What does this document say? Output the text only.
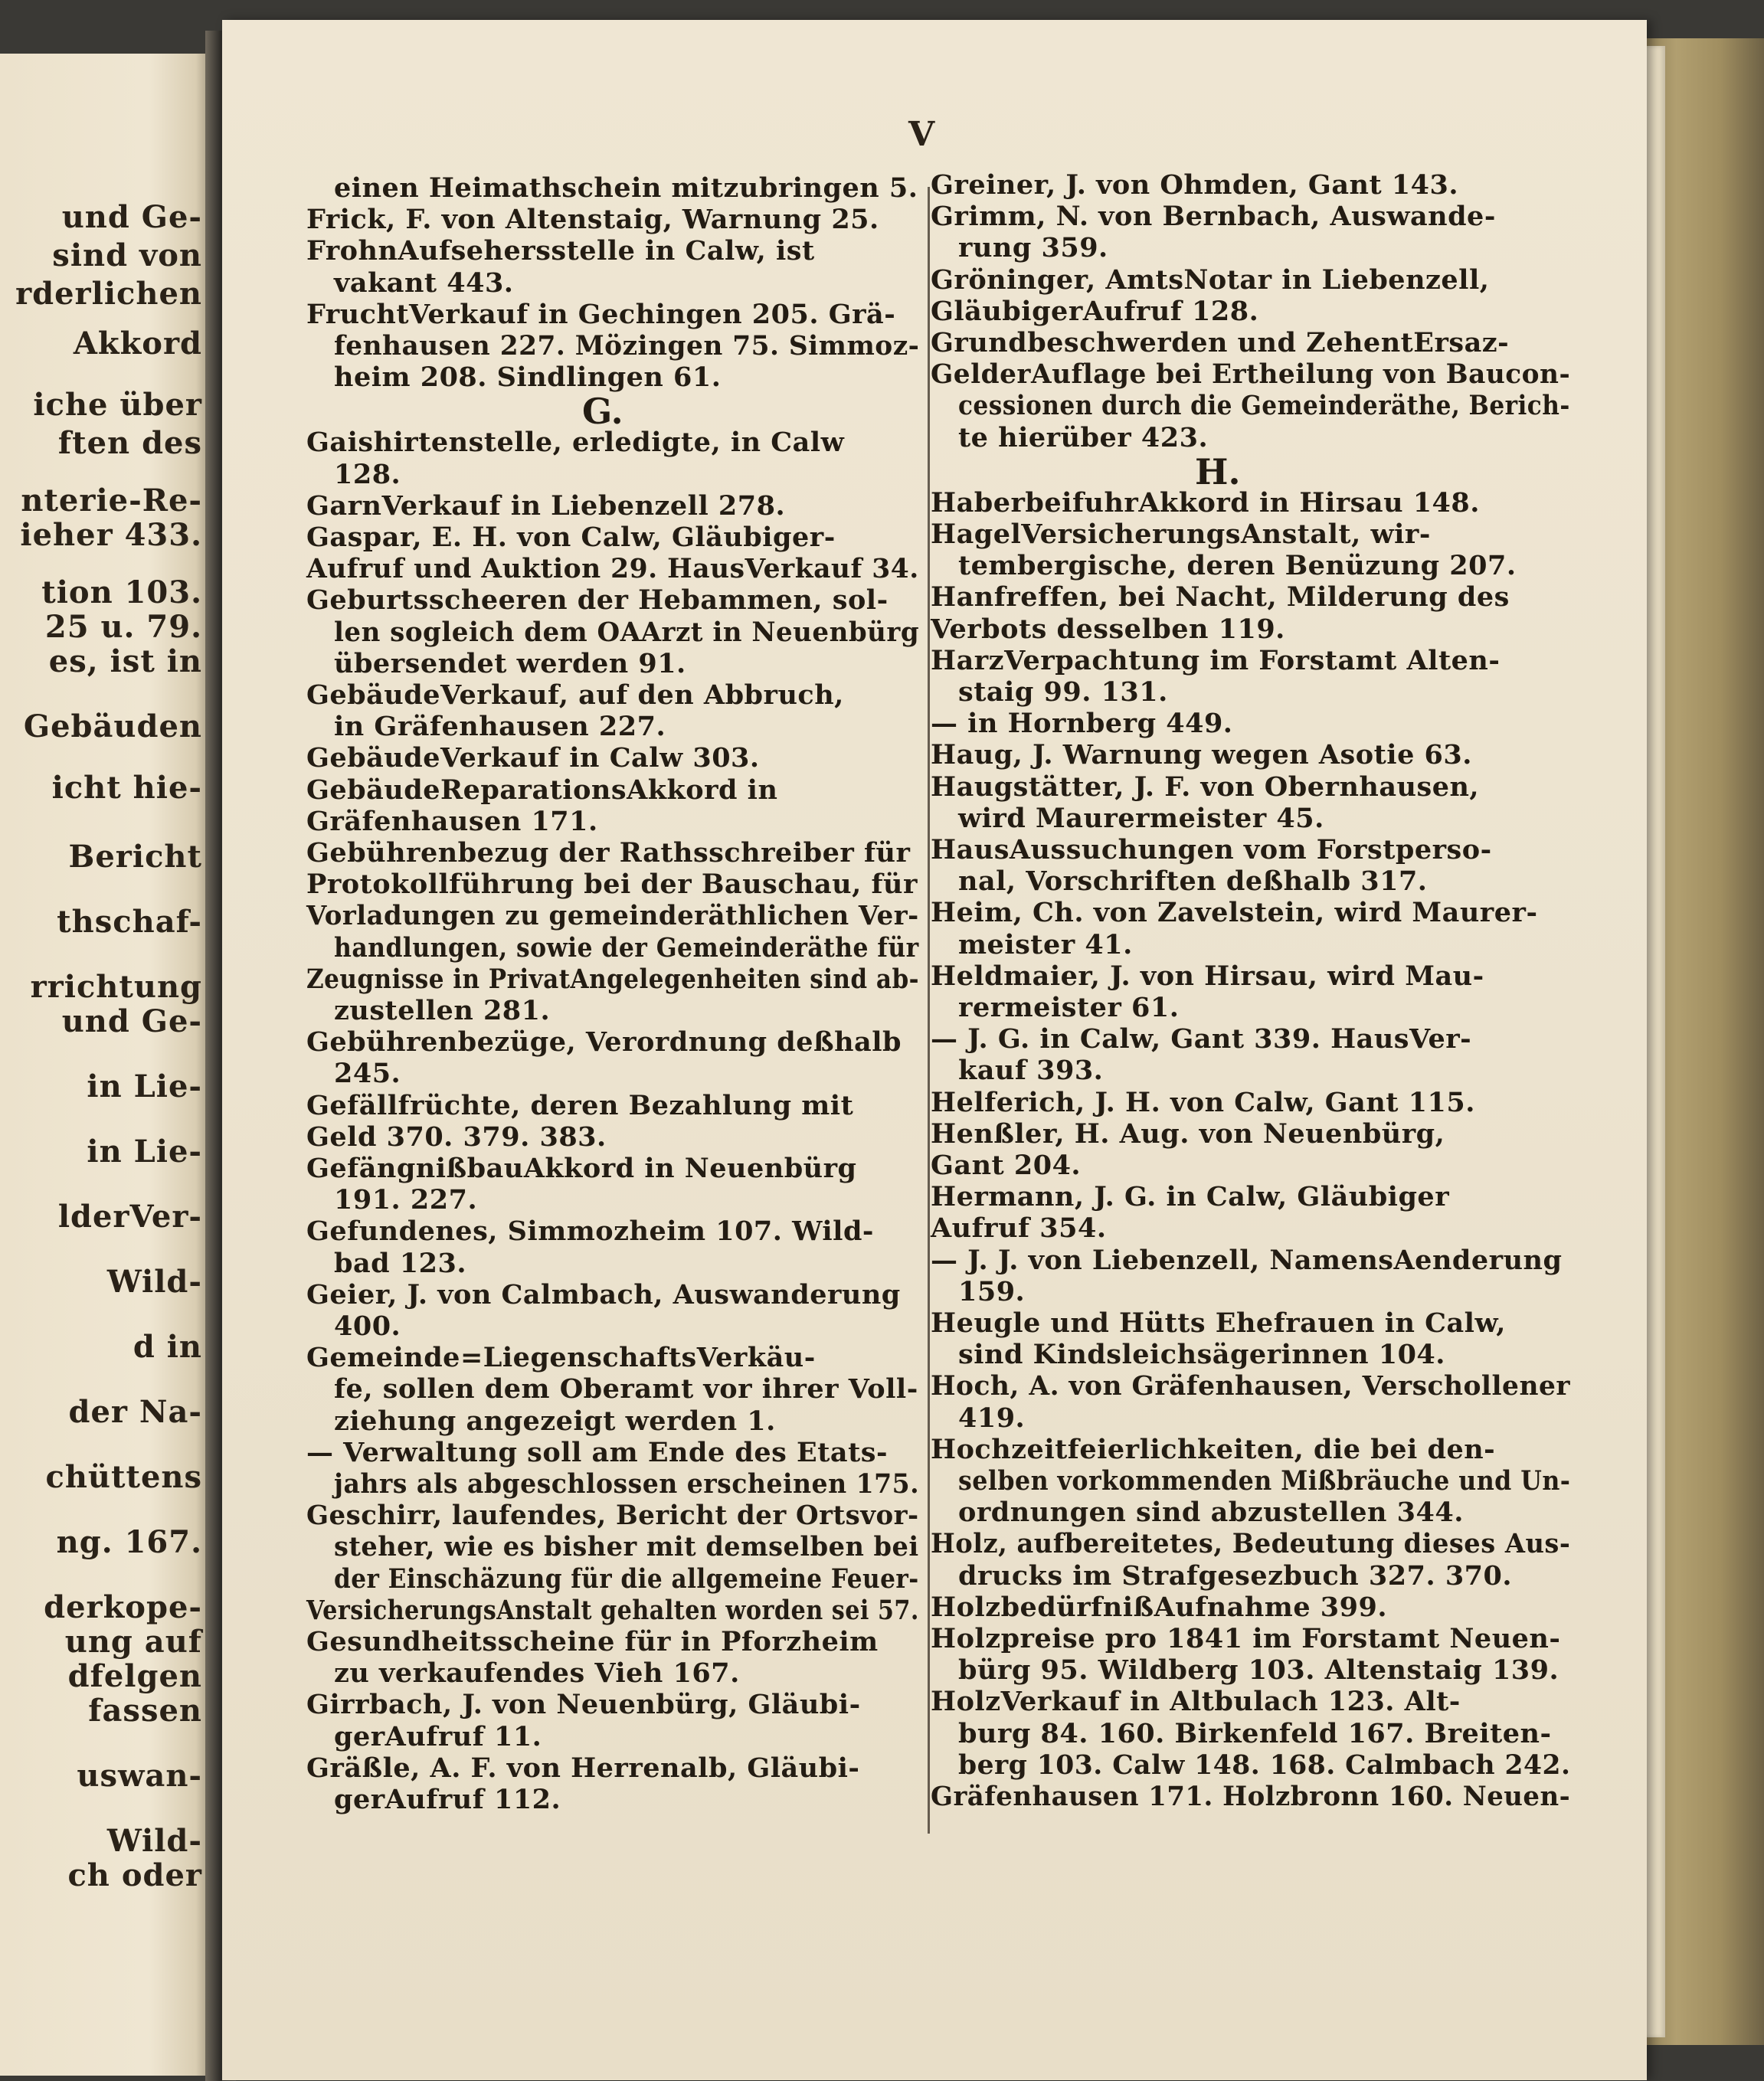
und Ge-
sind von
rderlichen
Akkord
iche über
ften des
nterie-Re-
ieher 433.
tion 103.
25 u. 79.
es, ist in
Gebäuden
icht hie-
Bericht
thschaf-
rrichtung
und Ge-
in Lie-
in Lie-
lderVer-
Wild-
d in
der Na-
chüttens
ng. 167.
derkope-
ung auf
dfelgen
fassen
uswan-
Wild-
ch oder
V
einen Heimathschein mitzubringen 5.
Frick, F. von Altenstaig, Warnung 25.
FrohnAufsehersstelle in Calw, ist
vakant 443.
FruchtVerkauf in Gechingen 205. Grä-
fenhausen 227. Mözingen 75. Simmoz-
heim 208. Sindlingen 61.
G.
Gaishirtenstelle, erledigte, in Calw
128.
GarnVerkauf in Liebenzell 278.
Gaspar, E. H. von Calw, Gläubiger-
Aufruf und Auktion 29. HausVerkauf 34.
Geburtsscheeren der Hebammen, sol-
len sogleich dem OAArzt in Neuenbürg
übersendet werden 91.
GebäudeVerkauf, auf den Abbruch,
in Gräfenhausen 227.
GebäudeVerkauf in Calw 303.
GebäudeReparationsAkkord in
Gräfenhausen 171.
Gebührenbezug der Rathsschreiber für
Protokollführung bei der Bauschau, für
Vorladungen zu gemeinderäthlichen Ver-
handlungen, sowie der Gemeinderäthe für
Zeugnisse in PrivatAngelegenheiten sind ab-
zustellen 281.
Gebührenbezüge, Verordnung deßhalb
245.
Gefällfrüchte, deren Bezahlung mit
Geld 370. 379. 383.
GefängnißbauAkkord in Neuenbürg
191. 227.
Gefundenes, Simmozheim 107. Wild-
bad 123.
Geier, J. von Calmbach, Auswanderung
400.
Gemeinde=LiegenschaftsVerkäu-
fe, sollen dem Oberamt vor ihrer Voll-
ziehung angezeigt werden 1.
— Verwaltung soll am Ende des Etats-
jahrs als abgeschlossen erscheinen 175.
Geschirr, laufendes, Bericht der Ortsvor-
steher, wie es bisher mit demselben bei
der Einschäzung für die allgemeine Feuer-
VersicherungsAnstalt gehalten worden sei 57.
Gesundheitsscheine für in Pforzheim
zu verkaufendes Vieh 167.
Girrbach, J. von Neuenbürg, Gläubi-
gerAufruf 11.
Gräßle, A. F. von Herrenalb, Gläubi-
gerAufruf 112.
Greiner, J. von Ohmden, Gant 143.
Grimm, N. von Bernbach, Auswande-
rung 359.
Gröninger, AmtsNotar in Liebenzell,
GläubigerAufruf 128.
Grundbeschwerden und ZehentErsaz-
GelderAuflage bei Ertheilung von Baucon-
cessionen durch die Gemeinderäthe, Berich-
te hierüber 423.
H.
HaberbeifuhrAkkord in Hirsau 148.
HagelVersicherungsAnstalt, wir-
tembergische, deren Benüzung 207.
Hanfreffen, bei Nacht, Milderung des
Verbots desselben 119.
HarzVerpachtung im Forstamt Alten-
staig 99. 131.
— in Hornberg 449.
Haug, J. Warnung wegen Asotie 63.
Haugstätter, J. F. von Obernhausen,
wird Maurermeister 45.
HausAussuchungen vom Forstperso-
nal, Vorschriften deßhalb 317.
Heim, Ch. von Zavelstein, wird Maurer-
meister 41.
Heldmaier, J. von Hirsau, wird Mau-
rermeister 61.
— J. G. in Calw, Gant 339. HausVer-
kauf 393.
Helferich, J. H. von Calw, Gant 115.
Henßler, H. Aug. von Neuenbürg,
Gant 204.
Hermann, J. G. in Calw, Gläubiger
Aufruf 354.
— J. J. von Liebenzell, NamensAenderung
159.
Heugle und Hütts Ehefrauen in Calw,
sind Kindsleichsägerinnen 104.
Hoch, A. von Gräfenhausen, Verschollener
419.
Hochzeitfeierlichkeiten, die bei den-
selben vorkommenden Mißbräuche und Un-
ordnungen sind abzustellen 344.
Holz, aufbereitetes, Bedeutung dieses Aus-
drucks im Strafgesezbuch 327. 370.
HolzbedürfnißAufnahme 399.
Holzpreise pro 1841 im Forstamt Neuen-
bürg 95. Wildberg 103. Altenstaig 139.
HolzVerkauf in Altbulach 123. Alt-
burg 84. 160. Birkenfeld 167. Breiten-
berg 103. Calw 148. 168. Calmbach 242.
Gräfenhausen 171. Holzbronn 160. Neuen-
